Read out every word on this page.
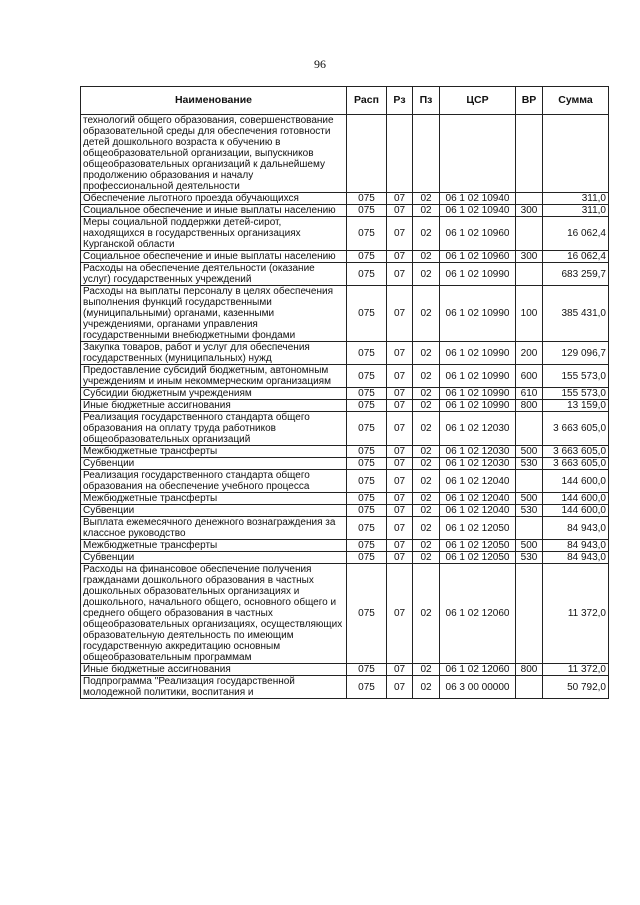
96
Наименование	Расп	Рз	Пз	ЦСР	ВР	Сумма
технологий общего образования, совершенствование образовательной среды для обеспечения готовности детей дошкольного возраста к обучению в общеобразовательной организации, выпускников общеобразовательных организаций к дальнейшему продолжению образования и началу профессиональной деятельности						
Обеспечение льготного проезда обучающихся	075	07	02	06 1 02 10940		311,0
Социальное обеспечение и иные выплаты населению	075	07	02	06 1 02 10940	300	311,0
Меры социальной поддержки детей-сирот, находящихся в государственных организациях Курганской области	075	07	02	06 1 02 10960		16 062,4
Социальное обеспечение и иные выплаты населению	075	07	02	06 1 02 10960	300	16 062,4
Расходы на обеспечение деятельности (оказание услуг) государственных учреждений	075	07	02	06 1 02 10990		683 259,7
Расходы на выплаты персоналу в целях обеспечения выполнения функций государственными (муниципальными) органами, казенными учреждениями, органами управления государственными внебюджетными фондами	075	07	02	06 1 02 10990	100	385 431,0
Закупка товаров, работ и услуг для обеспечения государственных (муниципальных) нужд	075	07	02	06 1 02 10990	200	129 096,7
Предоставление субсидий бюджетным, автономным учреждениям и иным некоммерческим организациям	075	07	02	06 1 02 10990	600	155 573,0
Субсидии бюджетным учреждениям	075	07	02	06 1 02 10990	610	155 573,0
Иные бюджетные ассигнования	075	07	02	06 1 02 10990	800	13 159,0
Реализация государственного стандарта общего образования на оплату труда работников общеобразовательных организаций	075	07	02	06 1 02 12030		3 663 605,0
Межбюджетные трансферты	075	07	02	06 1 02 12030	500	3 663 605,0
Субвенции	075	07	02	06 1 02 12030	530	3 663 605,0
Реализация государственного стандарта общего образования на обеспечение учебного процесса	075	07	02	06 1 02 12040		144 600,0
Межбюджетные трансферты	075	07	02	06 1 02 12040	500	144 600,0
Субвенции	075	07	02	06 1 02 12040	530	144 600,0
Выплата ежемесячного денежного вознаграждения за классное руководство	075	07	02	06 1 02 12050		84 943,0
Межбюджетные трансферты	075	07	02	06 1 02 12050	500	84 943,0
Субвенции	075	07	02	06 1 02 12050	530	84 943,0
Расходы на финансовое обеспечение получения гражданами дошкольного образования в частных дошкольных образовательных организациях и дошкольного, начального общего, основного общего и среднего общего образования в частных общеобразовательных организациях, осуществляющих образовательную деятельность по имеющим государственную аккредитацию основным общеобразовательным программам	075	07	02	06 1 02 12060		11 372,0
Иные бюджетные ассигнования	075	07	02	06 1 02 12060	800	11 372,0
Подпрограмма "Реализация государственной молодежной политики, воспитания и	075	07	02	06 3 00 00000		50 792,0
